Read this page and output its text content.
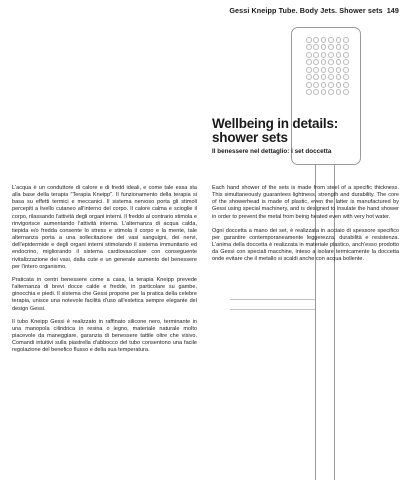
Gessi Kneipp Tube. Body Jets. Shower sets 149
Wellbeing in details:
shower sets
Il benessere nel dettaglio: i set doccetta

L'acqua è un conduttore di calore e di fredd ideali, e come tale essa sta alla base della terapia "Terapia Kneipp". Il funzionamento della terapia si basa su effetti termici e meccanici. Il sistema nervoso porta gli stimoli percepiti a livello cutaneo all'interno del corpo. Il calore calma e scioglie il corpo, rilassando l'attività degli organi interni. Il freddo al contrario stimola e rinvigorisce aumentando l'attività interna. L'alternanza di acqua calda, tiepida e/o fredda consente lo stress e stimola il corpo e la mente, tale alternanza porta a una sollecitazione dei vasi sanguigni, dei nervi, dell'epidermide e degli organi interni stimolando il sistema immunitario ed endocrino, migliorando il sistema cardiovascolare con conseguente rivitalizzazione dei vasi, dalla cute e un generale aumento del benessere per l'intero organismo.

Praticata in centri benessere come a casa, la terapia Kneipp prevede l'alternanza di brevi docce calde e fredde, in particolare su gambe, ginocchia e piedi. Il sistema che Gessi propone per la pratica della celebre terapia, unisce una notevole facilità d'uso all'estetica sempre elegante del design Gessi.

Il tubo Kneipp Gessi è realizzato in raffinato silicone nero, terminante in una manopola cilindrica in resina o legno, materiale naturale molto piacevole da maneggiare, garanzia di benessere tattile oltre che visivo. Comandi intuitivi sulla piastrella d'abbocco del tubo consentono una facile regolazione del benefico flusso e della sua temperatura.

Each hand shower of the sets is made from steel of a specific thickness. This simultaneously guarantees lightness, strength and durability. The core of the showerhead is made of plastic, even the latter is manufactured by Gessi using special machinery, and is designed to insulate the hand shower in order to prevent the metal from being heated even with very hot water.

Ogni doccetta a mano dei set, è realizzata in acciaio di spessore specifico per garantire contemporaneamente leggerezza, durabilità e resistenza. L'anima della doccetta è realizzata in materiale plastico, anch'esso prodotto da Gessi con speciali macchine, inteso a isolare termicamente la doccetta onde evitare che il metallo si scaldi anche con acqua bollente.
